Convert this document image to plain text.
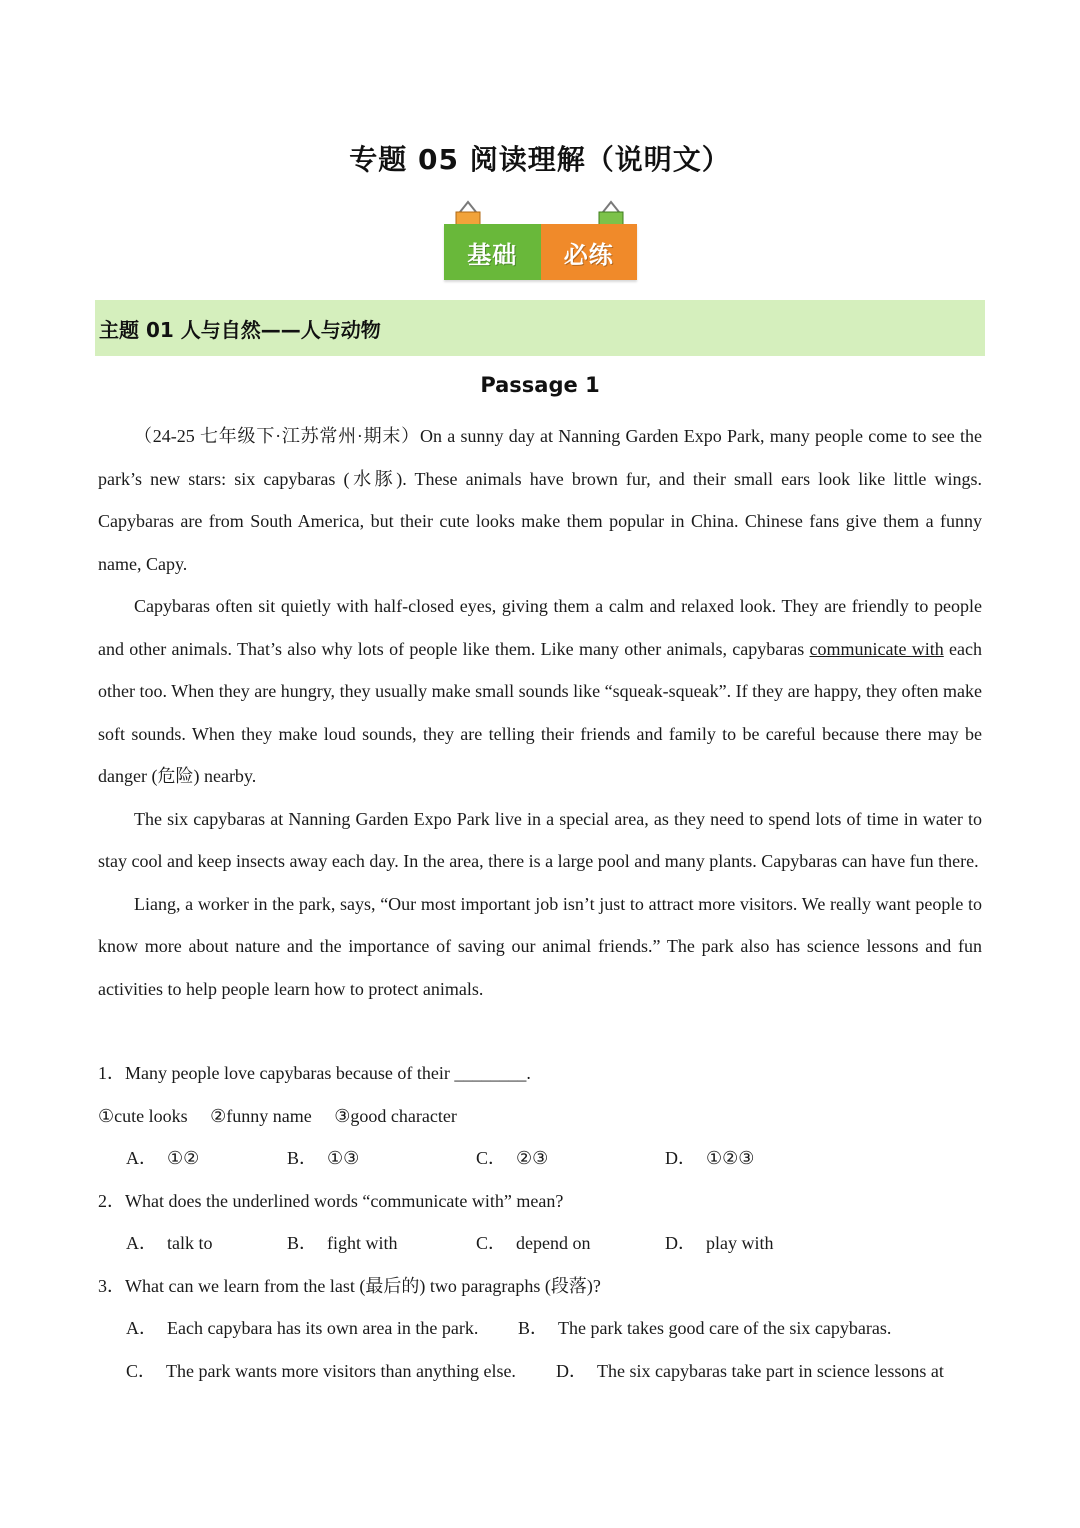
专题 05 阅读理解（说明文）
基础	必练
主题 01 人与自然——人与动物
Passage 1

（24-25 七年级下·江苏常州·期末）On a sunny day at Nanning Garden Expo Park, many people come to see the park’s new stars: six capybaras (水豚). These animals have brown fur, and their small ears look like little wings. Capybaras are from South America, but their cute looks make them popular in China. Chinese fans give them a funny name, Capy.

Capybaras often sit quietly with half-closed eyes, giving them a calm and relaxed look. They are friendly to people and other animals. That’s also why lots of people like them. Like many other animals, capybaras communicate with each other too. When they are hungry, they usually make small sounds like “squeak-squeak”. If they are happy, they often make soft sounds. When they make loud sounds, they are telling their friends and family to be careful because there may be danger (危险) nearby.

The six capybaras at Nanning Garden Expo Park live in a special area, as they need to spend lots of time in water to stay cool and keep insects away each day. In the area, there is a large pool and many plants. Capybaras can have fun there.

Liang, a worker in the park, says, “Our most important job isn’t just to attract more visitors. We really want people to know more about nature and the importance of saving our animal friends.” The park also has science lessons and fun activities to help people learn how to protect animals.

1．Many people love capybaras because of their ________.

①cute looks ②funny name ③good character

A． ①②	B． ①③	C． ②③	D． ①②③

2．What does the underlined words “communicate with” mean?

A． talk to	B． fight with	C． depend on	D． play with

3．What can we learn from the last (最后的) two paragraphs (段落)?

A． Each capybara has its own area in the park.	B． The park takes good care of the six capybaras.
C． The park wants more visitors than anything else.	D． The six capybaras take part in science lessons at
